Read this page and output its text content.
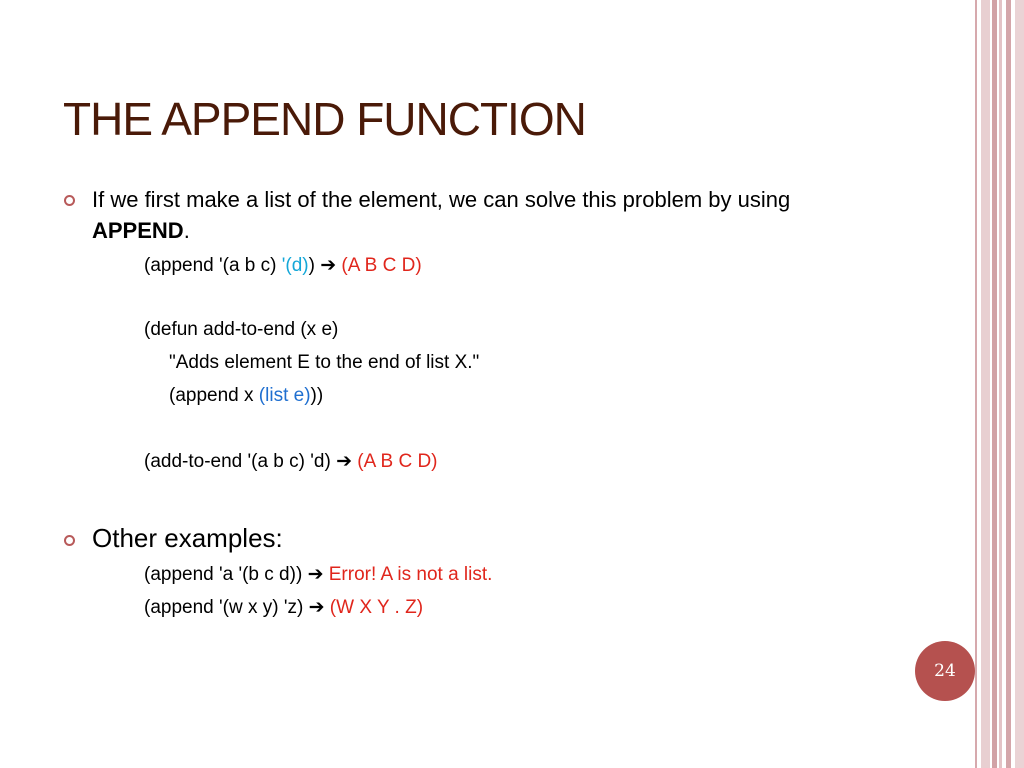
THE APPEND FUNCTION
If we first make a list of the element, we can solve this problem by using
APPEND.
(append '(a b c) '(d)) ➔ (A B C D)
(defun add-to-end (x e)
"Adds element E to the end of list X."
(append x (list e)))
(add-to-end '(a b c) 'd) ➔ (A B C D)
Other examples:
(append 'a '(b c d)) ➔ Error! A is not a list.
(append '(w x y) 'z) ➔ (W X Y . Z)
24
